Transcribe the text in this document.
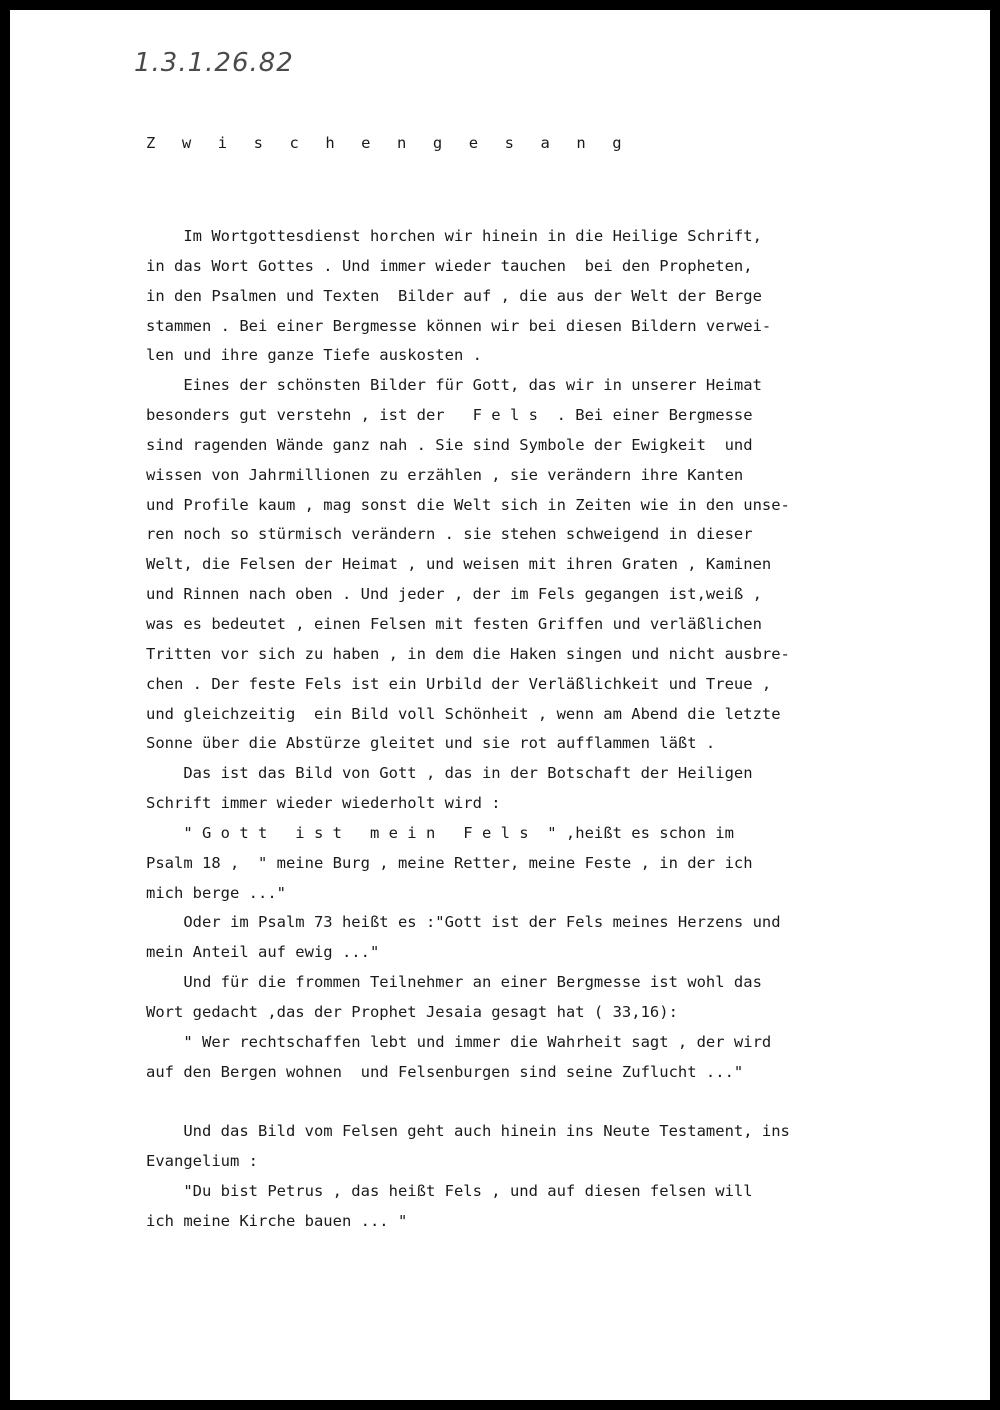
1.3.1.26.82
Z w i s c h e n g e s a n g
Im Wortgottesdienst horchen wir hinein in die Heilige Schrift,
in das Wort Gottes . Und immer wieder tauchen  bei den Propheten,
in den Psalmen und Texten  Bilder auf , die aus der Welt der Berge
stammen . Bei einer Bergmesse können wir bei diesen Bildern verwei-
len und ihre ganze Tiefe auskosten .
Eines der schönsten Bilder für Gott, das wir in unserer Heimat
besonders gut verstehn , ist der   F e l s  . Bei einer Bergmesse
sind ragenden Wände ganz nah . Sie sind Symbole der Ewigkeit  und
wissen von Jahrmillionen zu erzählen , sie verändern ihre Kanten
und Profile kaum , mag sonst die Welt sich in Zeiten wie in den unse-
ren noch so stürmisch verändern . sie stehen schweigend in dieser
Welt, die Felsen der Heimat , und weisen mit ihren Graten , Kaminen
und Rinnen nach oben . Und jeder , der im Fels gegangen ist,weiß ,
was es bedeutet , einen Felsen mit festen Griffen und verläßlichen
Tritten vor sich zu haben , in dem die Haken singen und nicht ausbre-
chen . Der feste Fels ist ein Urbild der Verläßlichkeit und Treue ,
und gleichzeitig  ein Bild voll Schönheit , wenn am Abend die letzte
Sonne über die Abstürze gleitet und sie rot aufflammen läßt .
Das ist das Bild von Gott , das in der Botschaft der Heiligen
Schrift immer wieder wiederholt wird :
" G o t t   i s t   m e i n   F e l s  " ,heißt es schon im
Psalm 18 ,  " meine Burg , meine Retter, meine Feste , in der ich
mich berge ..."
Oder im Psalm 73 heißt es :"Gott ist der Fels meines Herzens und
mein Anteil auf ewig ..."
Und für die frommen Teilnehmer an einer Bergmesse ist wohl das
Wort gedacht ,das der Prophet Jesaia gesagt hat ( 33,16):
" Wer rechtschaffen lebt und immer die Wahrheit sagt , der wird
auf den Bergen wohnen  und Felsenburgen sind seine Zuflucht ..."
Und das Bild vom Felsen geht auch hinein ins Neute Testament, ins
Evangelium :
"Du bist Petrus , das heißt Fels , und auf diesen felsen will
ich meine Kirche bauen ... "
